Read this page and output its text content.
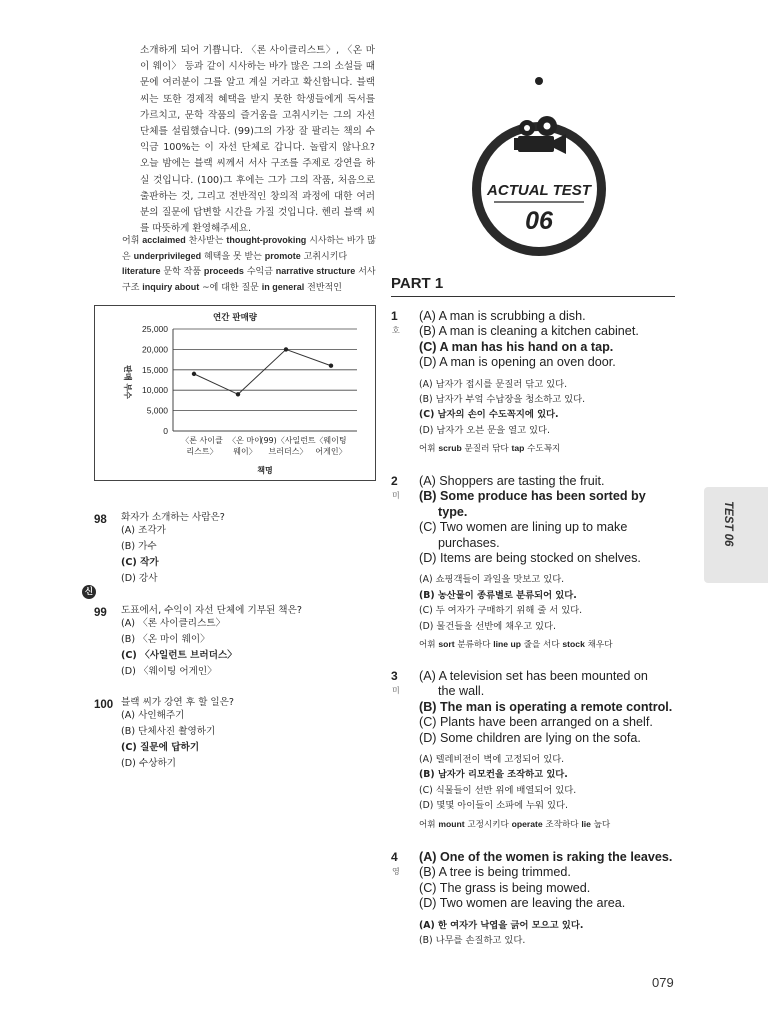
소개하게 되어 기쁩니다. 〈론 사이클리스트〉, 〈온 마이 웨이〉 등과 같이 시사하는 바가 많은 그의 소설들 때문에 여러분이 그를 알고 계실 거라고 확신합니다. 블랙 씨는 또한 경제적 혜택을 받지 못한 학생들에게 독서를 가르치고, 문학 작품의 즐거움을 고취시키는 그의 자선 단체를 설립했습니다. (99)그의 가장 잘 팔리는 책의 수익금 100%는 이 자선 단체로 갑니다. 놀랍지 않나요? 오늘 밤에는 블랙 씨께서 서사 구조를 주제로 강연을 하실 것입니다. (100)그 후에는 그가 그의 작품, 처음으로 출판하는 것, 그리고 전반적인 창의적 과정에 대한 여러분의 질문에 답변할 시간을 가질 것입니다. 헨리 블랙 씨를 따뜻하게 환영해주세요.
어휘 acclaimed 찬사받는 thought-provoking 시사하는 바가 많은 underprivileged 혜택을 못 받는 promote 고취시키다 literature 문학 작품 proceeds 수익금 narrative structure 서사 구조 inquiry about ~에 대한 질문 in general 전반적인
연간 판매량
0
5,000
10,000
15,000
20,000
25,000
판매 부수
〈론 사이클
리스트〉
〈온 마이
웨이〉
(99)〈사일런트
브러더스〉
〈웨이팅
어게인〉
책명
98 화자가 소개하는 사람은?
(A) 조각가
(B) 가수
(C) 작가
(D) 강사
신
99 도표에서, 수익이 자선 단체에 기부된 책은?
(A) 〈론 사이클리스트〉
(B) 〈온 마이 웨이〉
(C) 〈사일런트 브러더스〉
(D) 〈웨이팅 어게인〉
100 블랙 씨가 강연 후 할 일은?
(A) 사인해주기
(B) 단체사진 촬영하기
(C) 질문에 답하기
(D) 수상하기
ACTUAL TEST
06
PART 1
1
호
(A) A man is scrubbing a dish.
(B) A man is cleaning a kitchen cabinet.
(C) A man has his hand on a tap.
(D) A man is opening an oven door.
(A) 남자가 접시를 문질러 닦고 있다.
(B) 남자가 부엌 수납장을 청소하고 있다.
(C) 남자의 손이 수도꼭지에 있다.
(D) 남자가 오븐 문을 열고 있다.
어휘 scrub 문질러 닦다 tap 수도꼭지
2
미
(A) Shoppers are tasting the fruit.
(B) Some produce has been sorted by
type.
(C) Two women are lining up to make
purchases.
(D) Items are being stocked on shelves.
(A) 쇼핑객들이 과일을 맛보고 있다.
(B) 농산물이 종류별로 분류되어 있다.
(C) 두 여자가 구매하기 위해 줄 서 있다.
(D) 물건들을 선반에 채우고 있다.
어휘 sort 분류하다 line up 줄을 서다 stock 채우다
3
미
(A) A television set has been mounted on
the wall.
(B) The man is operating a remote control.
(C) Plants have been arranged on a shelf.
(D) Some children are lying on the sofa.
(A) 텔레비전이 벽에 고정되어 있다.
(B) 남자가 리모컨을 조작하고 있다.
(C) 식물들이 선반 위에 배열되어 있다.
(D) 몇몇 아이들이 소파에 누워 있다.
어휘 mount 고정시키다 operate 조작하다 lie 눕다
4
영
(A) One of the women is raking the leaves.
(B) A tree is being trimmed.
(C) The grass is being mowed.
(D) Two women are leaving the area.
(A) 한 여자가 낙엽을 긁어 모으고 있다.
(B) 나무를 손질하고 있다.
TEST 06
079
